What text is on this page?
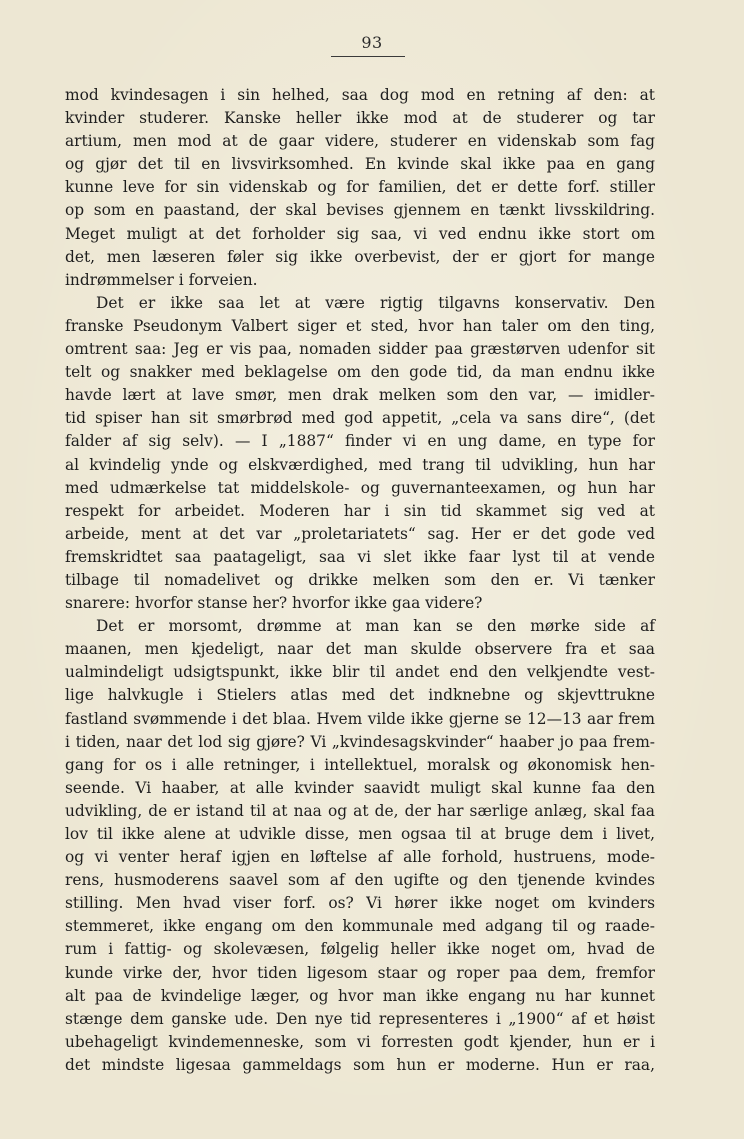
93
mod kvindesagen i sin helhed, saa dog mod en retning af den: at
kvinder studerer. Kanske heller ikke mod at de studerer og tar
artium, men mod at de gaar videre, studerer en videnskab som fag
og gjør det til en livsvirksomhed. En kvinde skal ikke paa en gang
kunne leve for sin videnskab og for familien, det er dette forf. stiller
op som en paastand, der skal bevises gjennem en tænkt livsskildring.
Meget muligt at det forholder sig saa, vi ved endnu ikke stort om
det, men læseren føler sig ikke overbevist, der er gjort for mange
indrømmelser i forveien.
Det er ikke saa let at være rigtig tilgavns konservativ. Den
franske Pseudonym Valbert siger et sted, hvor han taler om den ting,
omtrent saa: Jeg er vis paa, nomaden sidder paa græstørven udenfor sit
telt og snakker med beklagelse om den gode tid, da man endnu ikke
havde lært at lave smør, men drak melken som den var, — imidler-
tid spiser han sit smørbrød med god appetit, „cela va sans dire“, (det
falder af sig selv). — I „1887“ finder vi en ung dame, en type for
al kvindelig ynde og elskværdighed, med trang til udvikling, hun har
med udmærkelse tat middelskole- og guvernanteexamen, og hun har
respekt for arbeidet. Moderen har i sin tid skammet sig ved at
arbeide, ment at det var „proletariatets“ sag. Her er det gode ved
fremskridtet saa paatageligt, saa vi slet ikke faar lyst til at vende
tilbage til nomadelivet og drikke melken som den er. Vi tænker
snarere: hvorfor stanse her? hvorfor ikke gaa videre?
Det er morsomt, drømme at man kan se den mørke side af
maanen, men kjedeligt, naar det man skulde observere fra et saa
ualmindeligt udsigtspunkt, ikke blir til andet end den velkjendte vest-
lige halvkugle i Stielers atlas med det indknebne og skjevttrukne
fastland svømmende i det blaa. Hvem vilde ikke gjerne se 12—13 aar frem
i tiden, naar det lod sig gjøre? Vi „kvindesagskvinder“ haaber jo paa frem-
gang for os i alle retninger, i intellektuel, moralsk og økonomisk hen-
seende. Vi haaber, at alle kvinder saavidt muligt skal kunne faa den
udvikling, de er istand til at naa og at de, der har særlige anlæg, skal faa
lov til ikke alene at udvikle disse, men ogsaa til at bruge dem i livet,
og vi venter heraf igjen en løftelse af alle forhold, hustruens, mode-
rens, husmoderens saavel som af den ugifte og den tjenende kvindes
stilling. Men hvad viser forf. os? Vi hører ikke noget om kvinders
stemmeret, ikke engang om den kommunale med adgang til og raade-
rum i fattig- og skolevæsen, følgelig heller ikke noget om, hvad de
kunde virke der, hvor tiden ligesom staar og roper paa dem, fremfor
alt paa de kvindelige læger, og hvor man ikke engang nu har kunnet
stænge dem ganske ude. Den nye tid representeres i „1900“ af et høist
ubehageligt kvindemenneske, som vi forresten godt kjender, hun er i
det mindste ligesaa gammeldags som hun er moderne. Hun er raa,
